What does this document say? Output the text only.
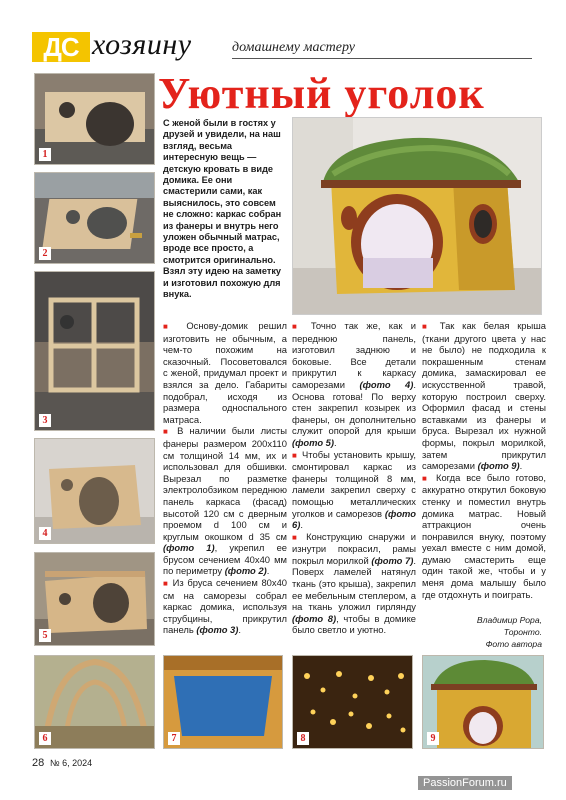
ДС хозяину	домашнему мастеру
Уютный уголок
1
2
3
4
5
С женой были в гостях у друзей и увидели, на наш взгляд, весьма интересную вещь — детскую кровать в виде домика. Ее они смастерили сами, как выяснилось, это совсем не сложно: каркас собран из фанеры и внутрь него уложен обычный матрас, вроде все просто, а смотрится оригинально. Взял эту идею на заметку и изготовил похожую для внука.

■ Основу-домик решил изготовить не обычным, а чем-то похожим на сказочный. Посоветовался с женой, придумал проект и взялся за дело. Габариты подобрал, исходя из размера односпального матраса.

■ В наличии были листы фанеры размером 200х110 см толщиной 14 мм, их и использовал для обшивки. Вырезал по разметке электролобзиком переднюю панель каркаса (фасад) высотой 120 см с дверным проемом d 100 см и круглым окошком d 35 см (фото 1), укрепил ее брусом сечением 40х40 мм по периметру (фото 2).

■ Из бруса сечением 80х40 см на саморезы собрал каркас домика, используя струбцины, прикрутил панель (фото 3).

■ Точно так же, как и переднюю панель, изготовил заднюю и боковые. Все детали прикрутил к каркасу саморезами (фото 4). Основа готова! По верху стен закрепил козырек из фанеры, он дополнительно служит опорой для крыши (фото 5).

■ Чтобы установить крышу, смонтировал каркас из фанеры толщиной 8 мм, ламели закрепил сверху с помощью металлических уголков и саморезов (фото 6).

■ Конструкцию снаружи и изнутри покрасил, рамы покрыл морилкой (фото 7). Поверх ламелей натянул ткань (это крыша), закрепил ее мебельным степлером, а на ткань уложил гирлянду (фото 8), чтобы в домике было светло и уютно.

■ Так как белая крыша (ткани другого цвета у нас не было) не подходила к покрашенным стенам домика, замаскировал ее искусственной травой, которую построил сверху. Оформил фасад и стены вставками из фанеры и бруса. Вырезал их нужной формы, покрыл морилкой, затем прикрутил саморезами (фото 9).

■ Когда все было готово, аккуратно открутил боковую стенку и поместил внутрь домика матрас. Новый аттракцион очень понравился внуку, поэтому уехал вместе с ним домой, думаю смастерить еще один такой же, чтобы и у меня дома малышу было где отдохнуть и поиграть.

Владимир Рора,
Торонто.
Фото автора
6	7	8	9
28 № 6, 2024
PassionForum.ru
